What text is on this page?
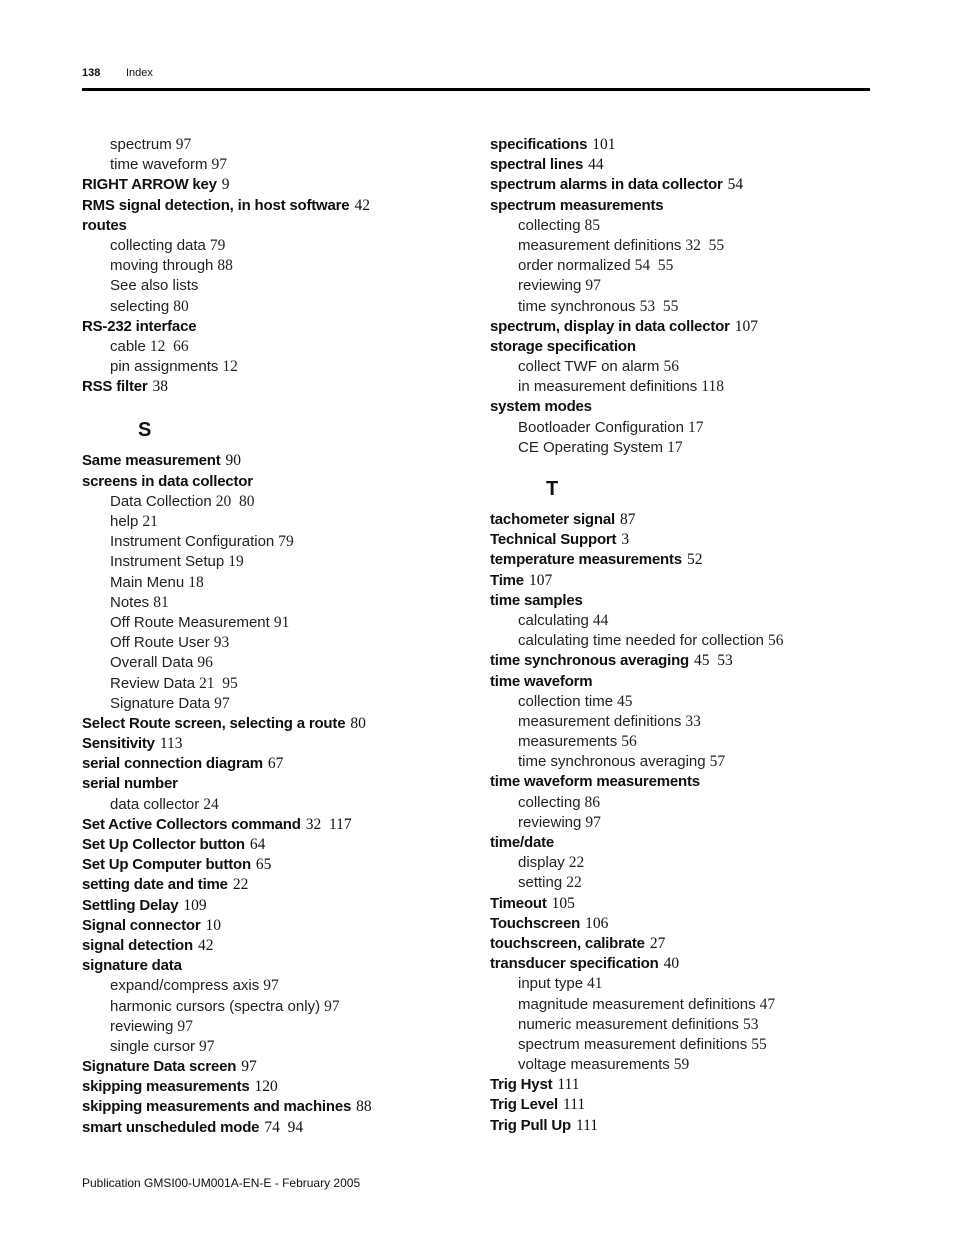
138 Index
spectrum 97
time waveform 97
RIGHT ARROW key 9
RMS signal detection, in host software 42
routes
collecting data 79
moving through 88
See also lists
selecting 80
RS-232 interface
cable 12  66
pin assignments 12
RSS filter 38
S
Same measurement 90
screens in data collector
Data Collection 20  80
help 21
Instrument Configuration 79
Instrument Setup 19
Main Menu 18
Notes 81
Off Route Measurement 91
Off Route User 93
Overall Data 96
Review Data 21  95
Signature Data 97
Select Route screen, selecting a route 80
Sensitivity 113
serial connection diagram 67
serial number
data collector 24
Set Active Collectors command 32  117
Set Up Collector button 64
Set Up Computer button 65
setting date and time 22
Settling Delay 109
Signal connector 10
signal detection 42
signature data
expand/compress axis 97
harmonic cursors (spectra only) 97
reviewing 97
single cursor 97
Signature Data screen 97
skipping measurements 120
skipping measurements and machines 88
smart unscheduled mode 74  94
specifications 101
spectral lines 44
spectrum alarms in data collector 54
spectrum measurements
collecting 85
measurement definitions 32  55
order normalized 54  55
reviewing 97
time synchronous 53  55
spectrum, display in data collector 107
storage specification
collect TWF on alarm 56
in measurement definitions 118
system modes
Bootloader Configuration 17
CE Operating System 17
T
tachometer signal 87
Technical Support 3
temperature measurements 52
Time 107
time samples
calculating 44
calculating time needed for collection 56
time synchronous averaging 45  53
time waveform
collection time 45
measurement definitions 33
measurements 56
time synchronous averaging 57
time waveform measurements
collecting 86
reviewing 97
time/date
display 22
setting 22
Timeout 105
Touchscreen 106
touchscreen, calibrate 27
transducer specification 40
input type 41
magnitude measurement definitions 47
numeric measurement definitions 53
spectrum measurement definitions 55
voltage measurements 59
Trig Hyst 111
Trig Level 111
Trig Pull Up 111
Publication GMSI00-UM001A-EN-E - February 2005
